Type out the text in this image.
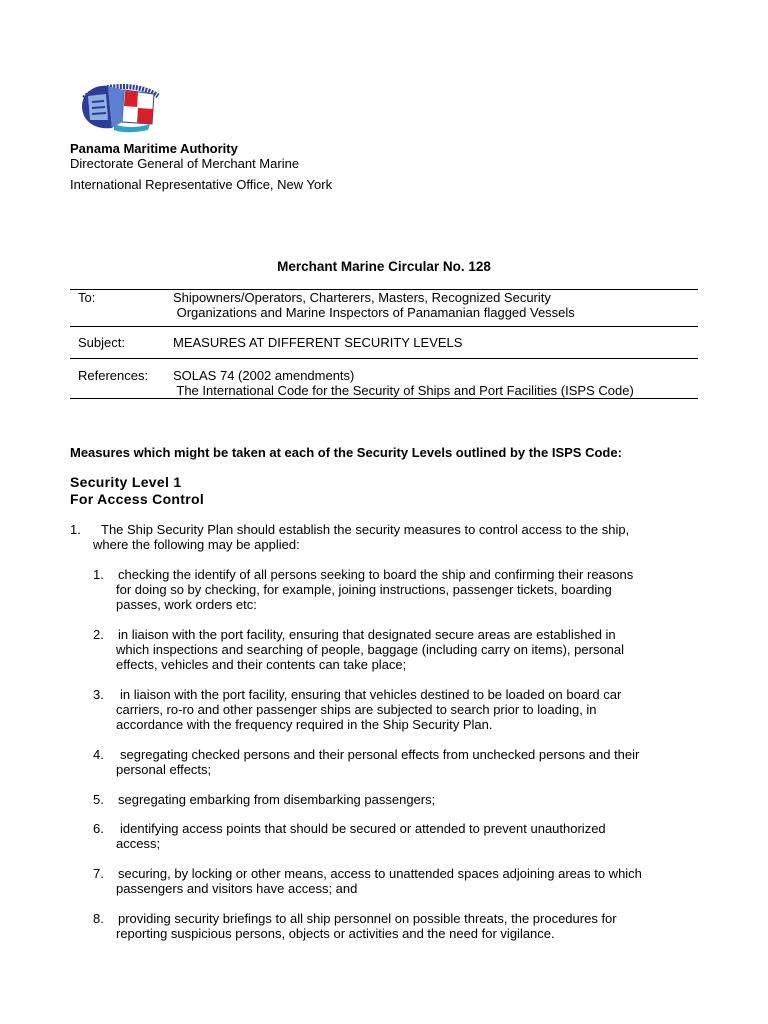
Panama Maritime Authority
Directorate General of Merchant Marine
International Representative Office, New York
Merchant Marine Circular No. 128
To:	Shipowners/Operators, Charterers, Masters, Recognized Security
Organizations and Marine Inspectors of Panamanian flagged Vessels
Subject:	MEASURES AT DIFFERENT SECURITY LEVELS
References: SOLAS 74 (2002 amendments)
The International Code for the Security of Ships and Port Facilities (ISPS Code)
Measures which might be taken at each of the Security Levels outlined by the ISPS Code:
Security Level 1
For Access Control
1. The Ship Security Plan should establish the security measures to control access to the ship,
where the following may be applied:
1. checking the identify of all persons seeking to board the ship and confirming their reasons
for doing so by checking, for example, joining instructions, passenger tickets, boarding
passes, work orders etc:
2. in liaison with the port facility, ensuring that designated secure areas are established in
which inspections and searching of people, baggage (including carry on items), personal
effects, vehicles and their contents can take place;
3. in liaison with the port facility, ensuring that vehicles destined to be loaded on board car
carriers, ro-ro and other passenger ships are subjected to search prior to loading, in
accordance with the frequency required in the Ship Security Plan.
4. segregating checked persons and their personal effects from unchecked persons and their
personal effects;
5. segregating embarking from disembarking passengers;
6. identifying access points that should be secured or attended to prevent unauthorized
access;
7. securing, by locking or other means, access to unattended spaces adjoining areas to which
passengers and visitors have access; and
8. providing security briefings to all ship personnel on possible threats, the procedures for
reporting suspicious persons, objects or activities and the need for vigilance.
